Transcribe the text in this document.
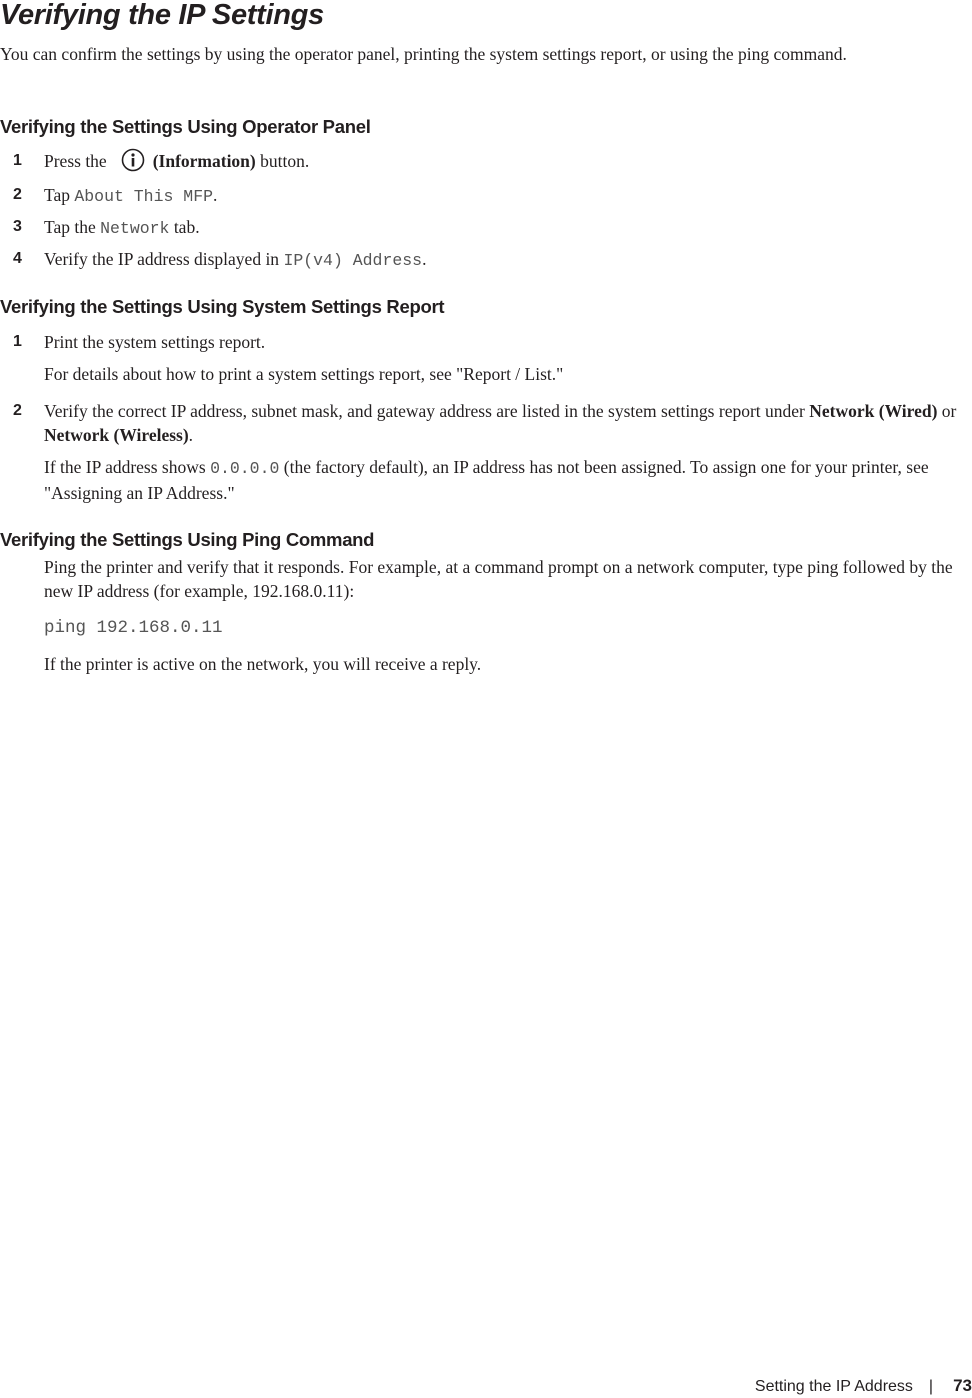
Verifying the IP Settings

You can confirm the settings by using the operator panel, printing the system settings report, or using the ping command.

Verifying the Settings Using Operator Panel
1 Press the	(Information) button.

2 Tap About This MFP.

3 Tap the Network tab.

4 Verify the IP address displayed in IP(v4) Address.

Verifying the Settings Using System Settings Report
1 Print the system settings report.

For details about how to print a system settings report, see "Report / List."

2 Verify the correct IP address, subnet mask, and gateway address are listed in the system settings report under Network (Wired) or Network (Wireless).

If the IP address shows 0.0.0.0 (the factory default), an IP address has not been assigned. To assign one for your printer, see "Assigning an IP Address."

Verifying the Settings Using Ping Command

Ping the printer and verify that it responds. For example, at a command prompt on a network computer, type ping followed by the new IP address (for example, 192.168.0.11):

ping 192.168.0.11

If the printer is active on the network, you will receive a reply.

Setting the IP Address | 73
